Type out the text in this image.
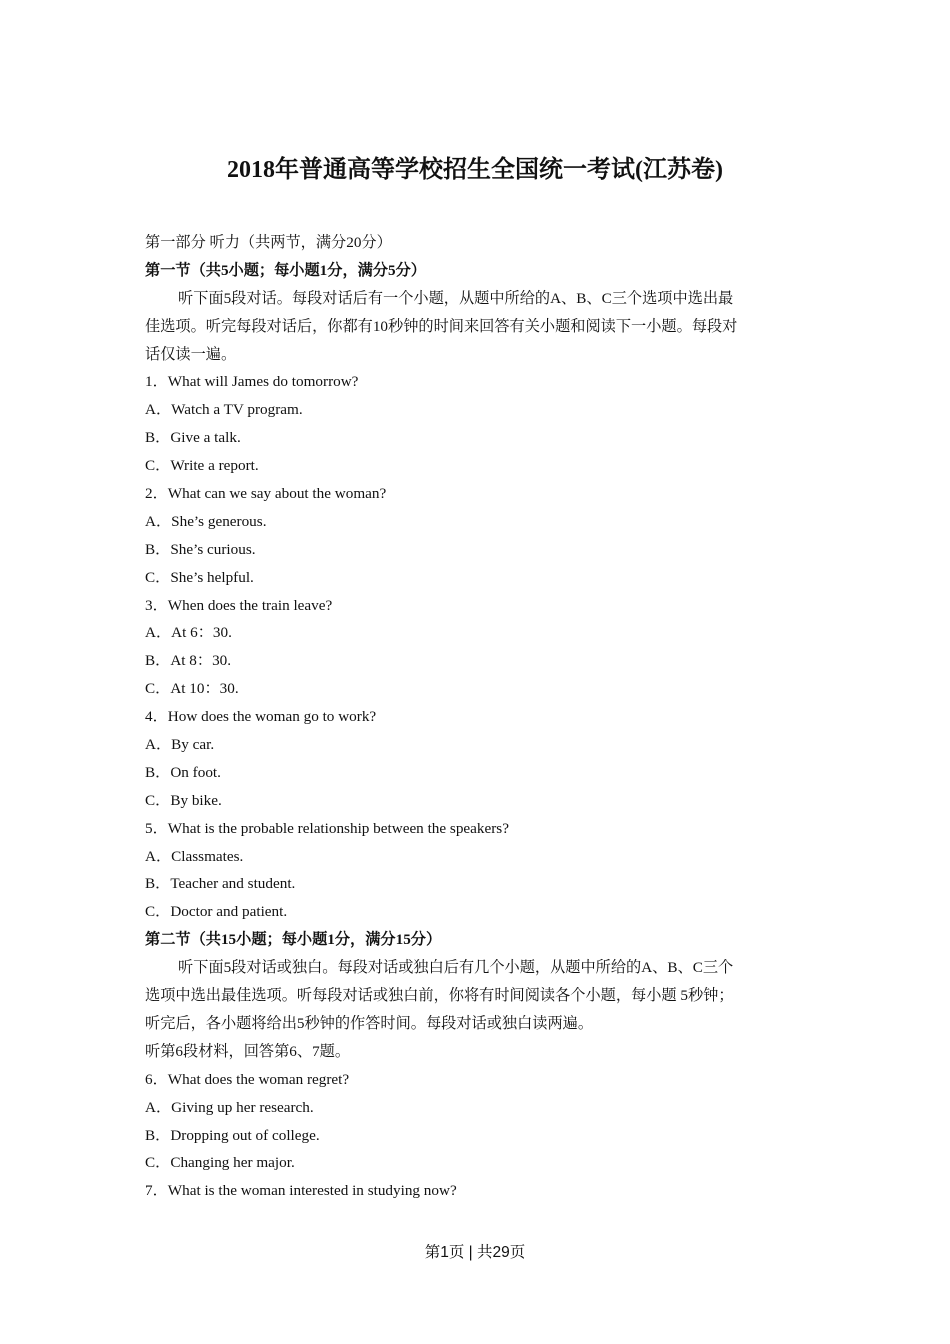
2018年普通高等学校招生全国统一考试(江苏卷)
第一部分 听力（共两节，满分20分）
第一节（共5小题；每小题1分，满分5分）
听下面5段对话。每段对话后有一个小题，从题中所给的A、B、C三个选项中选出最
佳选项。听完每段对话后，你都有10秒钟的时间来回答有关小题和阅读下一小题。每段对
话仅读一遍。
1．What will James do tomorrow?
A．Watch a TV program.
B．Give a talk.
C．Write a report.
2．What can we say about the woman?
A．She’s generous.
B．She’s curious.
C．She’s helpful.
3．When does the train leave?
A．At 6：30.
B．At 8：30.
C．At 10：30.
4．How does the woman go to work?
A．By car.
B．On foot.
C．By bike.
5．What is the probable relationship between the speakers?
A．Classmates.
B．Teacher and student.
C．Doctor and patient.
第二节（共15小题；每小题1分，满分15分）
听下面5段对话或独白。每段对话或独白后有几个小题，从题中所给的A、B、C三个
选项中选出最佳选项。听每段对话或独白前，你将有时间阅读各个小题，每小题 5秒钟；
听完后，各小题将给出5秒钟的作答时间。每段对话或独白读两遍。
听第6段材料，回答第6、7题。
6．What does the woman regret?
A．Giving up her research.
B．Dropping out of college.
C．Changing her major.
7．What is the woman interested in studying now?
第1页 | 共29页
